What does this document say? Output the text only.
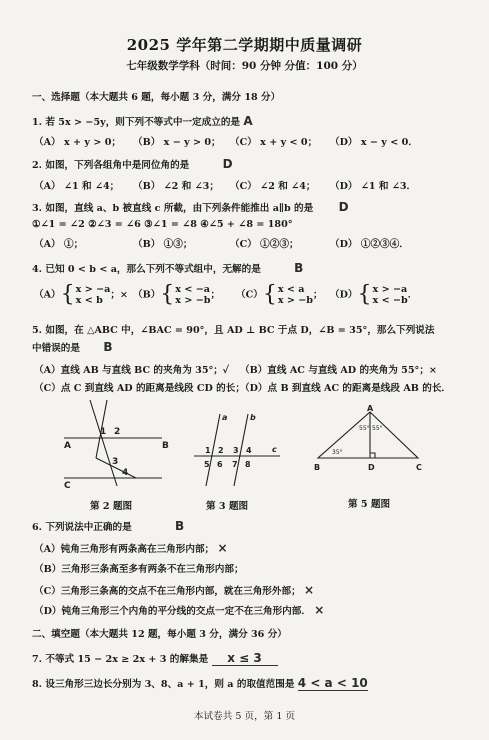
2025 学年第二学期期中质量调研
七年级数学学科（时间：90 分钟 分值：100 分）
一、选择题（本大题共 6 题，每小题 3 分，满分 18 分）
1. 若 5x > −5y，则下列不等式中一定成立的是 A
（A） x + y > 0； （B） x − y > 0； （C） x + y < 0； （D） x − y < 0．
2. 如图，下列各组角中是同位角的是	D
（A） ∠1 和 ∠4； （B） ∠2 和 ∠3； （C） ∠2 和 ∠4； （D） ∠1 和 ∠3．
3. 如图，直线 a、b 被直线 c 所截，由下列条件能推出 a∥b 的是 D
①∠1 = ∠2 ②∠3 = ∠6 ③∠1 = ∠8 ④∠5 + ∠8 = 180°
（A） ①；	（B） ①③；	（C） ①②③；	（D） ①②③④．
4. 已知 0 < b < a，那么下列不等式组中，无解的是	B
（A）{x > −a
x < b ；× （B）{x < −a
x > −b； （C）{x < a
x > −b； （D）{x > −a
x < −b．
5. 如图，在 △ABC 中，∠BAC = 90°，且 AD ⊥ BC 于点 D，∠B = 35°，那么下列说法
中错误的是 B
（A）直线 AB 与直线 BC 的夹角为 35°；✓ （B）直线 AC 与直线 AD 的夹角为 55°；×
（C）点 C 到直线 AD 的距离是线段 CD 的长；
（D）点 B 到直线 AC 的距离是线段 AB 的长．
A	B
C
1 2
3
4
第 2 题图
a	b
c
1 2 3 4
5 6 7 8
第 3 题图
A
B	C
D
35°
55° 55°
第 5 题图
6. 下列说法中正确的是	B
（A）钝角三角形有两条高在三角形内部； ×
（B）三角形三条高至多有两条不在三角形内部；
（C）三角形三条高的交点不在三角形内部，就在三角形外部； ×
（D）钝角三角形三个内角的平分线的交点一定不在三角形内部． ×
二、填空题（本大题共 12 题，每小题 3 分，满分 36 分）
7. 不等式 15 − 2x ≥ 2x + 3 的解集是 x ≤ 3
8. 设三角形三边长分别为 3、8、a + 1，则 a 的取值范围是 4 < a < 10
本试卷共 5 页，第 1 页
